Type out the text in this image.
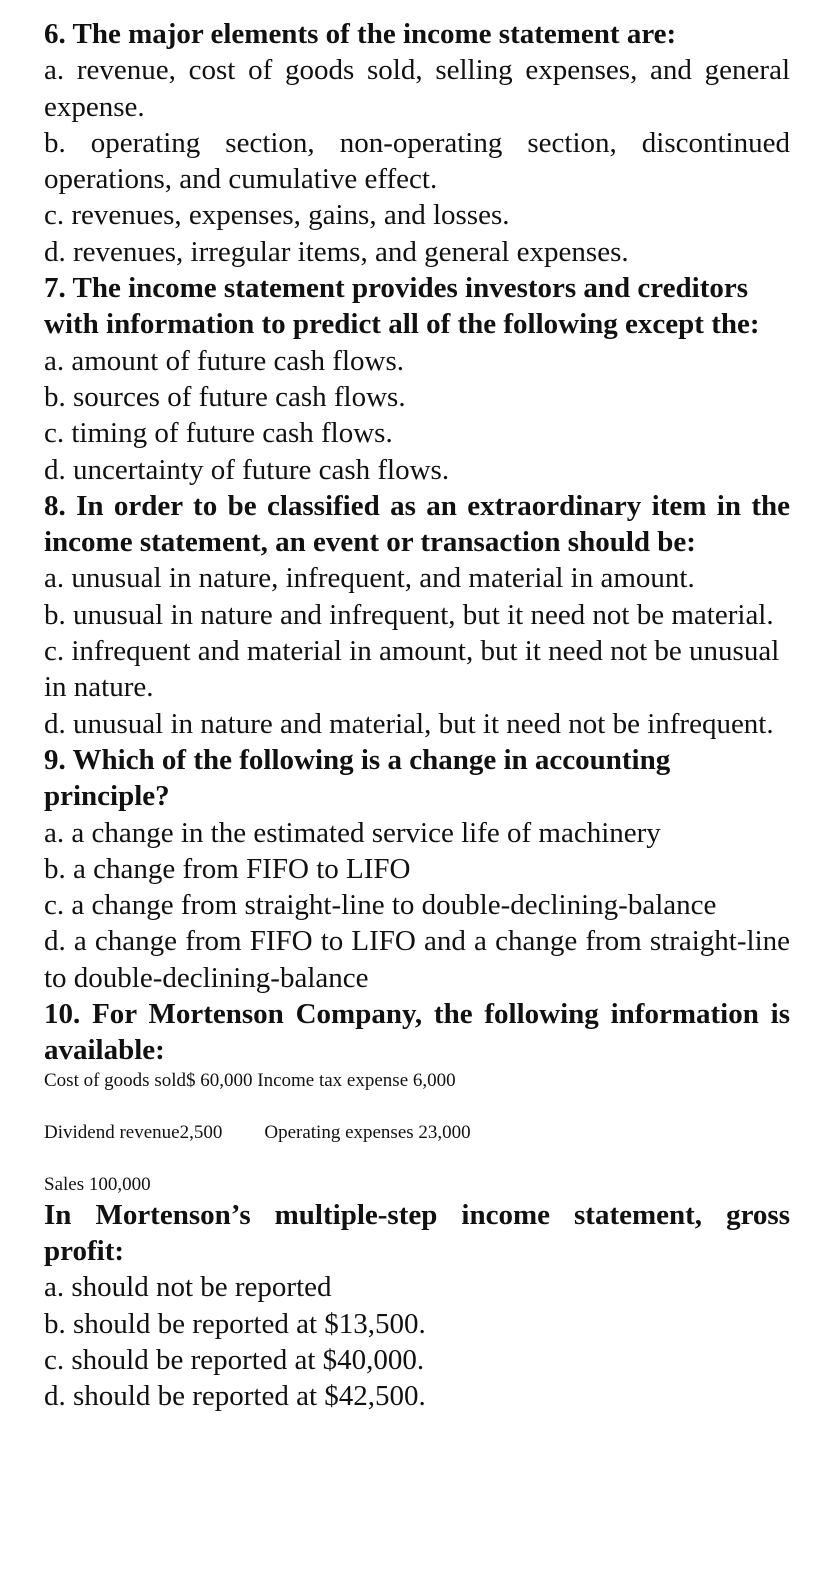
6. The major elements of the income statement are:

a. revenue, cost of goods sold, selling expenses, and general expense.

b. operating section, non-operating section, discontinued operations, and cumulative effect.

c. revenues, expenses, gains, and losses.

d. revenues, irregular items, and general expenses.

7. The income statement provides investors and creditors with information to predict all of the following except the:

a. amount of future cash flows.

b. sources of future cash flows.

c. timing of future cash flows.

d. uncertainty of future cash flows.

8. In order to be classified as an extraordinary item in the income statement, an event or transaction should be:

a. unusual in nature, infrequent, and material in amount.

b. unusual in nature and infrequent, but it need not be material.

c. infrequent and material in amount, but it need not be unusual in nature.

d. unusual in nature and material, but it need not be infrequent.

9. Which of the following is a change in accounting principle?

a. a change in the estimated service life of machinery

b. a change from FIFO to LIFO

c. a change from straight-line to double-declining-balance

d. a change from FIFO to LIFO and a change from straight-line to double-declining-balance

10. For Mortenson Company, the following information is available:

Cost of goods sold$ 60,000 Income tax expense 6,000

Dividend revenue2,500 Operating expenses 23,000

Sales 100,000

In Mortenson’s multiple-step income statement, gross profit:

a. should not be reported

b. should be reported at $13,500.

c. should be reported at $40,000.

d. should be reported at $42,500.
